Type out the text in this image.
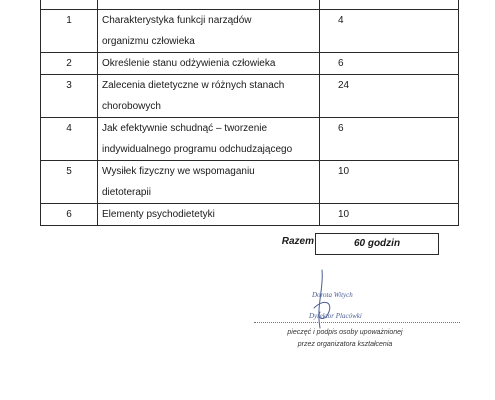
1	Charakterystyka funkcji narządów
organizmu człowieka	4
2	Określenie stanu odżywienia człowieka	6
3	Zalecenia dietetyczne w różnych stanach
chorobowych	24
4	Jak efektywnie schudnąć – tworzenie
indywidualnego programu odchudzającego	6
5	Wysiłek fizyczny we wspomaganiu
dietoterapii	10
6	Elementy psychodietetyki	10
Razem	60 godzin
Dorota Witych
Dyrektor Placówki
pieczęć i podpis osoby upoważnionej
przez organizatora kształcenia
